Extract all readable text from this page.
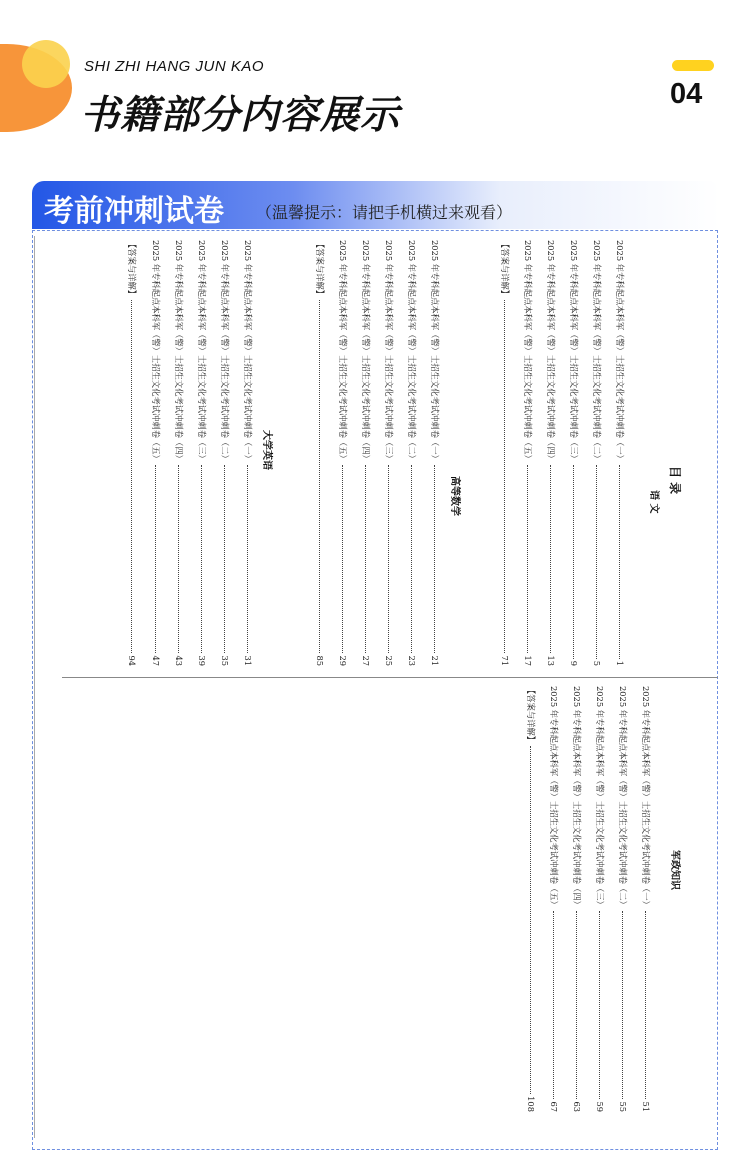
SHI ZHI HANG JUN KAO
书籍部分内容展示	04
考前冲刺试卷 （温馨提示：请把手机横过来观看）
目 录
语 文
2025 年专科起点本科军（警）士招生文化考试冲刺卷（一）1
2025 年专科起点本科军（警）士招生文化考试冲刺卷（二）5
2025 年专科起点本科军（警）士招生文化考试冲刺卷（三）9
2025 年专科起点本科军（警）士招生文化考试冲刺卷（四）13
2025 年专科起点本科军（警）士招生文化考试冲刺卷（五）17
【答案与详解】71
高等数学
2025 年专科起点本科军（警）士招生文化考试冲刺卷（一）21
2025 年专科起点本科军（警）士招生文化考试冲刺卷（二）23
2025 年专科起点本科军（警）士招生文化考试冲刺卷（三）25
2025 年专科起点本科军（警）士招生文化考试冲刺卷（四）27
2025 年专科起点本科军（警）士招生文化考试冲刺卷（五）29
【答案与详解】85
大学英语
2025 年专科起点本科军（警）士招生文化考试冲刺卷（一）31
2025 年专科起点本科军（警）士招生文化考试冲刺卷（二）35
2025 年专科起点本科军（警）士招生文化考试冲刺卷（三）39
2025 年专科起点本科军（警）士招生文化考试冲刺卷（四）43
2025 年专科起点本科军（警）士招生文化考试冲刺卷（五）47
【答案与详解】94
军政知识
2025 年专科起点本科军（警）士招生文化考试冲刺卷（一）51
2025 年专科起点本科军（警）士招生文化考试冲刺卷（二）55
2025 年专科起点本科军（警）士招生文化考试冲刺卷（三）59
2025 年专科起点本科军（警）士招生文化考试冲刺卷（四）63
2025 年专科起点本科军（警）士招生文化考试冲刺卷（五）67
【答案与详解】108
